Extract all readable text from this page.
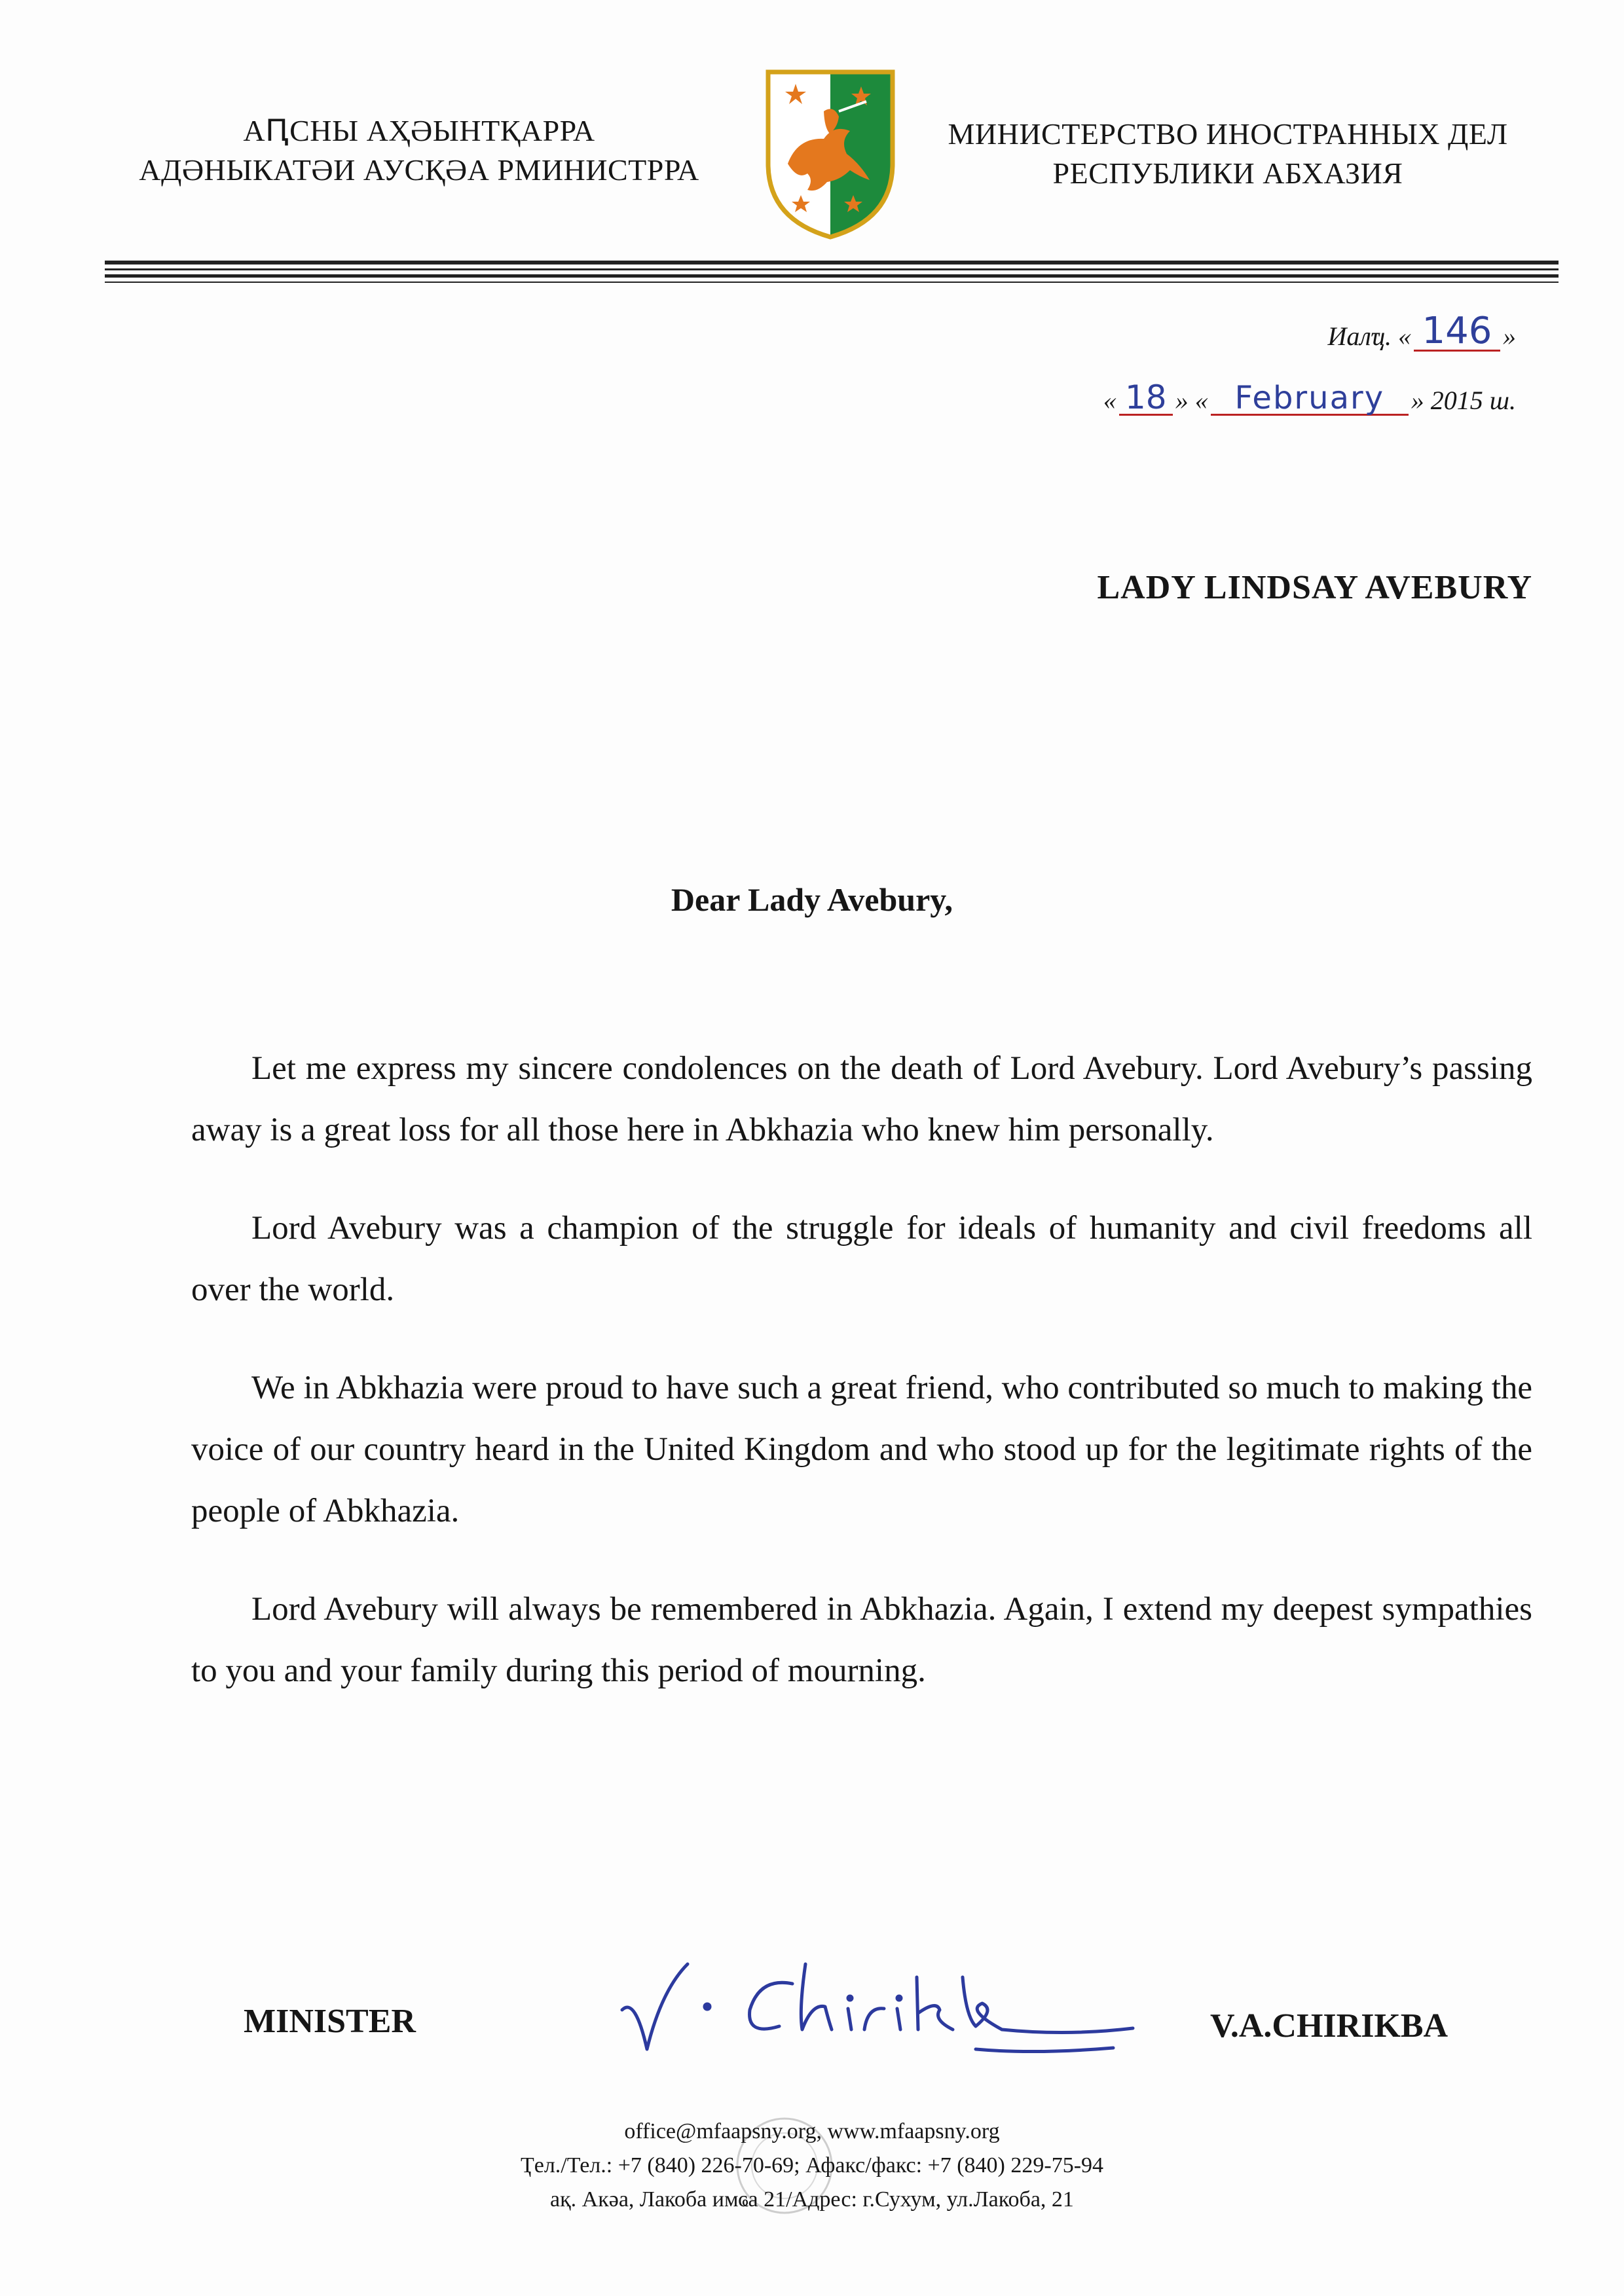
АԤСНЫ АҲӘЫНТҚАРРА
АДӘНЫКАТӘИ АУСҚӘА РМИНИСТРРА
МИНИСТЕРСТВО ИНОСТРАННЫХ ДЕЛ
РЕСПУБЛИКИ АБХАЗИЯ
Иалҵ. « 146 »
« 18 » « February	» 2015 ш.
LADY LINDSAY AVEBURY
Dear Lady Avebury,

Let me express my sincere condolences on the death of Lord Avebury. Lord Avebury’s passing away is a great loss for all those here in Abkhazia who knew him personally.

Lord Avebury was a champion of the struggle for ideals of humanity and civil freedoms all over the world.

We in Abkhazia were proud to have such a great friend, who contributed so much to making the voice of our country heard in the United Kingdom and who stood up for the legitimate rights of the people of Abkhazia.

Lord Avebury will always be remembered in Abkhazia. Again, I extend my deepest sympathies to you and your family during this period of mourning.

MINISTER	V.A.CHIRIKBA
office@mfaapsny.org, www.mfaapsny.org
Ҭел./Тел.: +7 (840) 226-70-69; Афакс/факс: +7 (840) 229-75-94
ақ. Акәа, Лакоба имҩа 21/Адрес: г.Сухум, ул.Лакоба, 21
